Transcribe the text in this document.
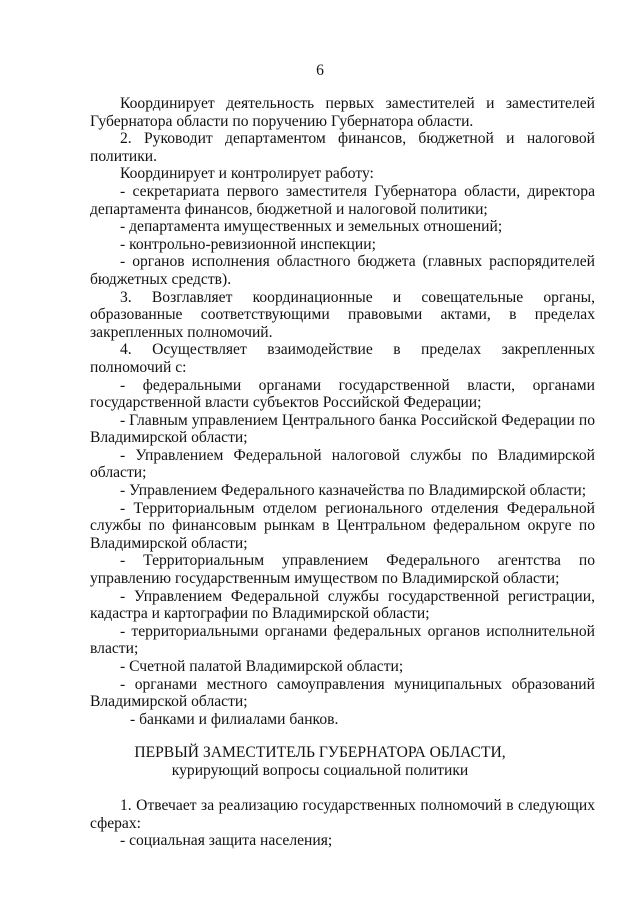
6

Координирует деятельность первых заместителей и заместителей Губернатора области по поручению Губернатора области.

2. Руководит департаментом финансов, бюджетной и налоговой политики.

Координирует и контролирует работу:

- секретариата первого заместителя Губернатора области, директора департамента финансов, бюджетной и налоговой политики;

- департамента имущественных и земельных отношений;

- контрольно-ревизионной инспекции;

- органов исполнения областного бюджета (главных распорядителей бюджетных средств).

3. Возглавляет координационные и совещательные органы, образованные соответствующими правовыми актами, в пределах закрепленных полномочий.

4. Осуществляет взаимодействие в пределах закрепленных полномочий с:

- федеральными органами государственной власти, органами государственной власти субъектов Российской Федерации;

- Главным управлением Центрального банка Российской Федерации по Владимирской области;

- Управлением Федеральной налоговой службы по Владимирской области;

- Управлением Федерального казначейства по Владимирской области;

- Территориальным отделом регионального отделения Федеральной службы по финансовым рынкам в Центральном федеральном округе по Владимирской области;

- Территориальным управлением Федерального агентства по управлению государственным имуществом по Владимирской области;

- Управлением Федеральной службы государственной регистрации, кадастра и картографии по Владимирской области;

- территориальными органами федеральных органов исполнительной власти;

- Счетной палатой Владимирской области;

- органами местного самоуправления муниципальных образований Владимирской области;

- банками и филиалами банков.

ПЕРВЫЙ ЗАМЕСТИТЕЛЬ ГУБЕРНАТОРА ОБЛАСТИ,
курирующий вопросы социальной политики

1. Отвечает за реализацию государственных полномочий в следующих сферах:

- социальная защита населения;
